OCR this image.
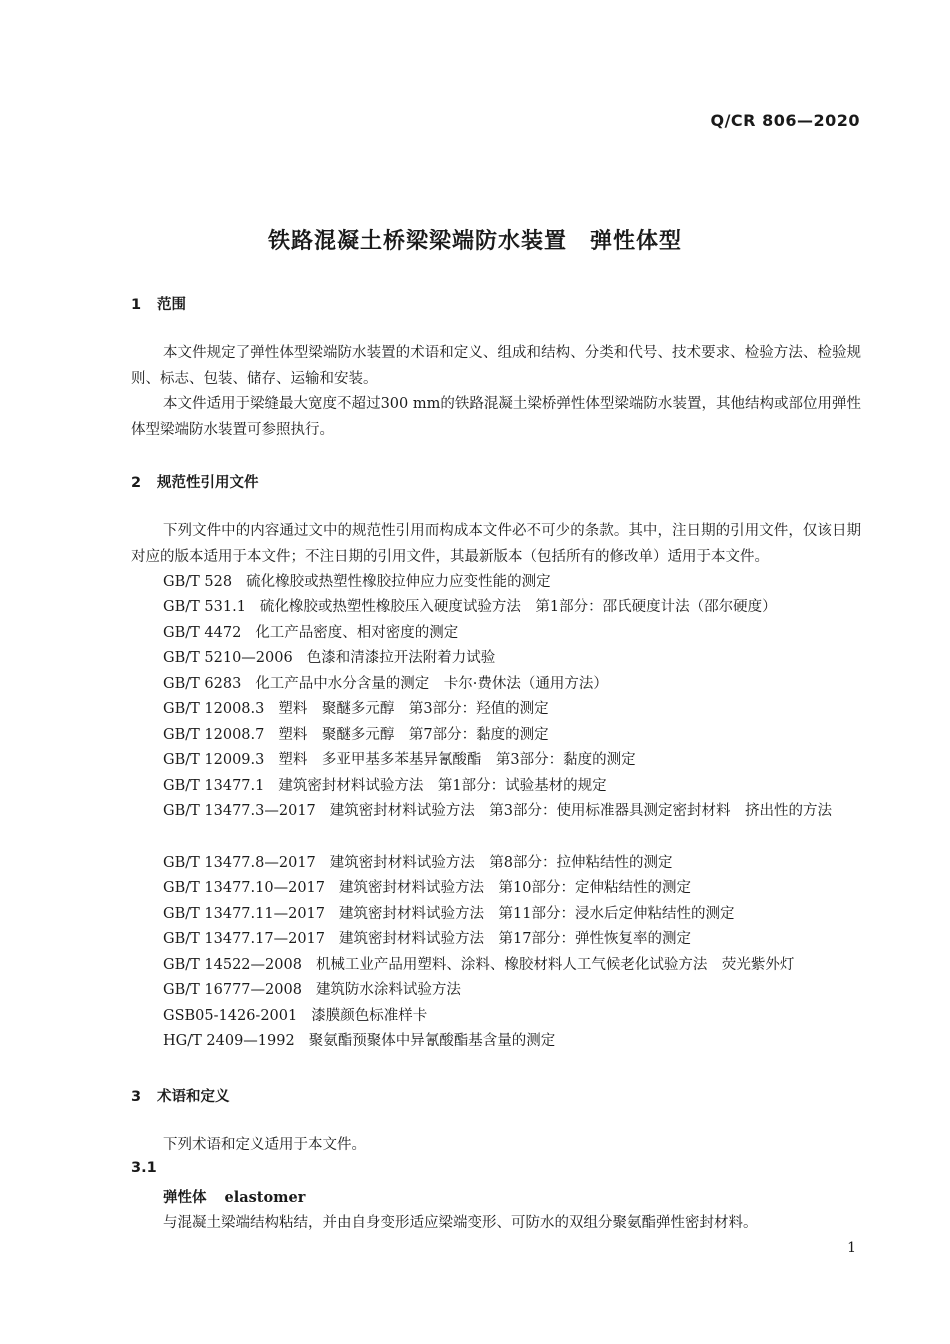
Q/CR 806—2020
铁路混凝土桥梁梁端防水装置　弹性体型
1 范围
本文件规定了弹性体型梁端防水装置的术语和定义、组成和结构、分类和代号、技术要求、检验方法、检验规则、标志、包装、储存、运输和安装。
本文件适用于梁缝最大宽度不超过300 mm的铁路混凝土梁桥弹性体型梁端防水装置，其他结构或部位用弹性体型梁端防水装置可参照执行。
2 规范性引用文件
下列文件中的内容通过文中的规范性引用而构成本文件必不可少的条款。其中，注日期的引用文件，仅该日期对应的版本适用于本文件；不注日期的引用文件，其最新版本（包括所有的修改单）适用于本文件。
GB/T 528 硫化橡胶或热塑性橡胶拉伸应力应变性能的测定
GB/T 531.1 硫化橡胶或热塑性橡胶压入硬度试验方法　第1部分：邵氏硬度计法（邵尔硬度）
GB/T 4472 化工产品密度、相对密度的测定
GB/T 5210—2006 色漆和清漆拉开法附着力试验
GB/T 6283 化工产品中水分含量的测定　卡尔·费休法（通用方法）
GB/T 12008.3 塑料　聚醚多元醇　第3部分：羟值的测定
GB/T 12008.7 塑料　聚醚多元醇　第7部分：黏度的测定
GB/T 12009.3 塑料　多亚甲基多苯基异氰酸酯　第3部分：黏度的测定
GB/T 13477.1 建筑密封材料试验方法　第1部分：试验基材的规定
GB/T 13477.3—2017 建筑密封材料试验方法　第3部分：使用标准器具测定密封材料　挤出性的方法
GB/T 13477.8—2017 建筑密封材料试验方法　第8部分：拉伸粘结性的测定
GB/T 13477.10—2017 建筑密封材料试验方法　第10部分：定伸粘结性的测定
GB/T 13477.11—2017 建筑密封材料试验方法　第11部分：浸水后定伸粘结性的测定
GB/T 13477.17—2017 建筑密封材料试验方法　第17部分：弹性恢复率的测定
GB/T 14522—2008 机械工业产品用塑料、涂料、橡胶材料人工气候老化试验方法　荧光紫外灯
GB/T 16777—2008 建筑防水涂料试验方法
GSB05-1426-2001 漆膜颜色标准样卡
HG/T 2409—1992 聚氨酯预聚体中异氰酸酯基含量的测定
3 术语和定义
下列术语和定义适用于本文件。
3.1
弹性体 elastomer
与混凝土梁端结构粘结，并由自身变形适应梁端变形、可防水的双组分聚氨酯弹性密封材料。
1
